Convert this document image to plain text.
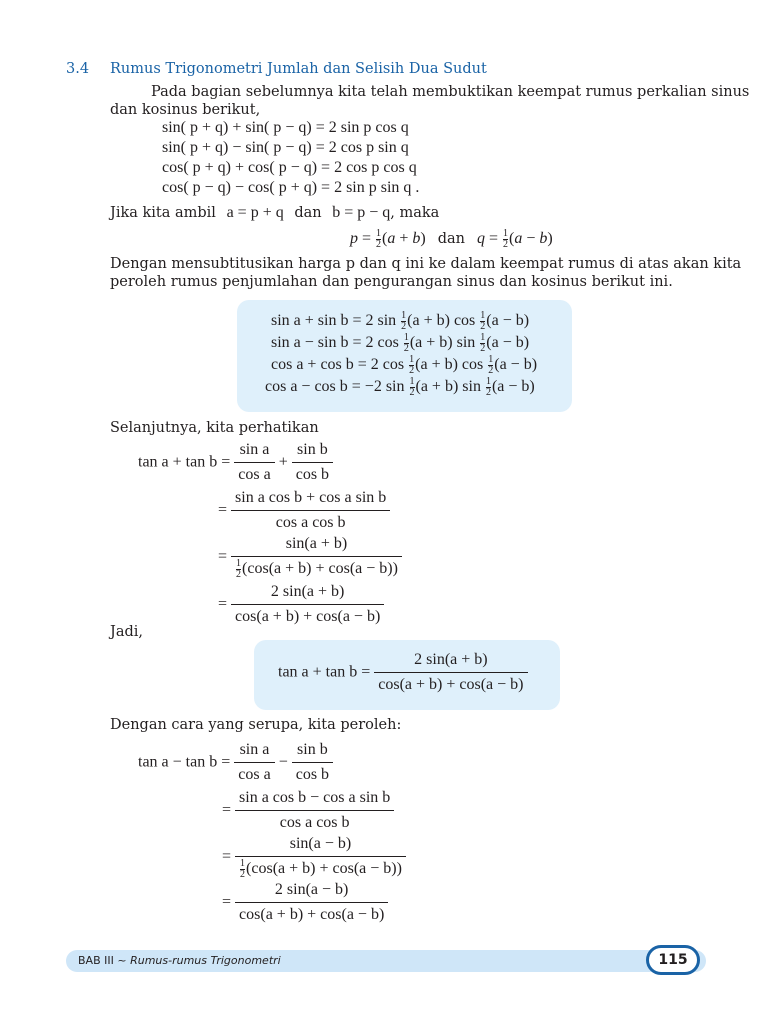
3.4 Rumus Trigonometri Jumlah dan Selisih Dua Sudut
Pada bagian sebelumnya kita telah membuktikan keempat rumus perkalian sinus
dan kosinus berikut,
sin( p + q) + sin( p − q) = 2 sin p cos q
sin( p + q) − sin( p − q) = 2 cos p sin q
cos( p + q) + cos( p − q) = 2 cos p cos q
cos( p − q) − cos( p + q) = 2 sin p sin q .
Jika kita ambil a = p + q dan b = p − q, maka
$p = \frac{1}{2} (a + b)$ dan $q = \frac{1}{2} (a - b)$
Dengan mensubtitusikan harga p dan q ini ke dalam keempat rumus di atas akan kita
peroleh rumus penjumlahan dan pengurangan sinus dan kosinus berikut ini.
sin a + sin b = 2 $\sin \frac{1}{2} (a + b)$ $\cos \frac{1}{2} (a - b)$
sin a − sin b = 2 $\cos \frac{1}{2} (a + b)$ $\sin \frac{1}{2} (a - b)$
cos a + cos b = 2 $\cos \frac{1}{2} (a + b)$ $\cos \frac{1}{2} (a - b)$
cos a − cos b = −2 $\sin \frac{1}{2} (a + b)$ $\sin \frac{1}{2} (a - b)$
Selanjutnya, kita perhatikan
$\tan a + \tan b = \frac{\text{sin a}}{\text{cos a}} + \frac{\text{sin b}}{\text{cos b}}$
= $\frac{\text{sin a cos b + cos a sin b}}{\text{cos a cos b}}$
= $\frac{\sin(a + b)}{\frac{1}{2} (\cos(a + b) + \cos(a - b))}$
= $\frac{2 \sin(a + b)}{\cos(a + b) + \cos(a - b)}$
Jadi,
$\tan a + \tan b = \frac{2 \sin(a + b)}{\cos(a + b) + \cos(a - b)}$
Dengan cara yang serupa, kita peroleh:
$\tan a - \tan b = \frac{\text{sin a}}{\text{cos a}} - \frac{\text{sin b}}{\text{cos b}}$
= $\frac{\text{sin a cos b − cos a sin b}}{\text{cos a cos b}}$
= $\frac{\sin(a - b)}{\frac{1}{2} (\cos(a + b) + \cos(a - b))}$
= $\frac{2 \sin(a - b)}{\cos(a + b) + \cos(a - b)}$
BAB III ~ Rumus-rumus Trigonometri	115
